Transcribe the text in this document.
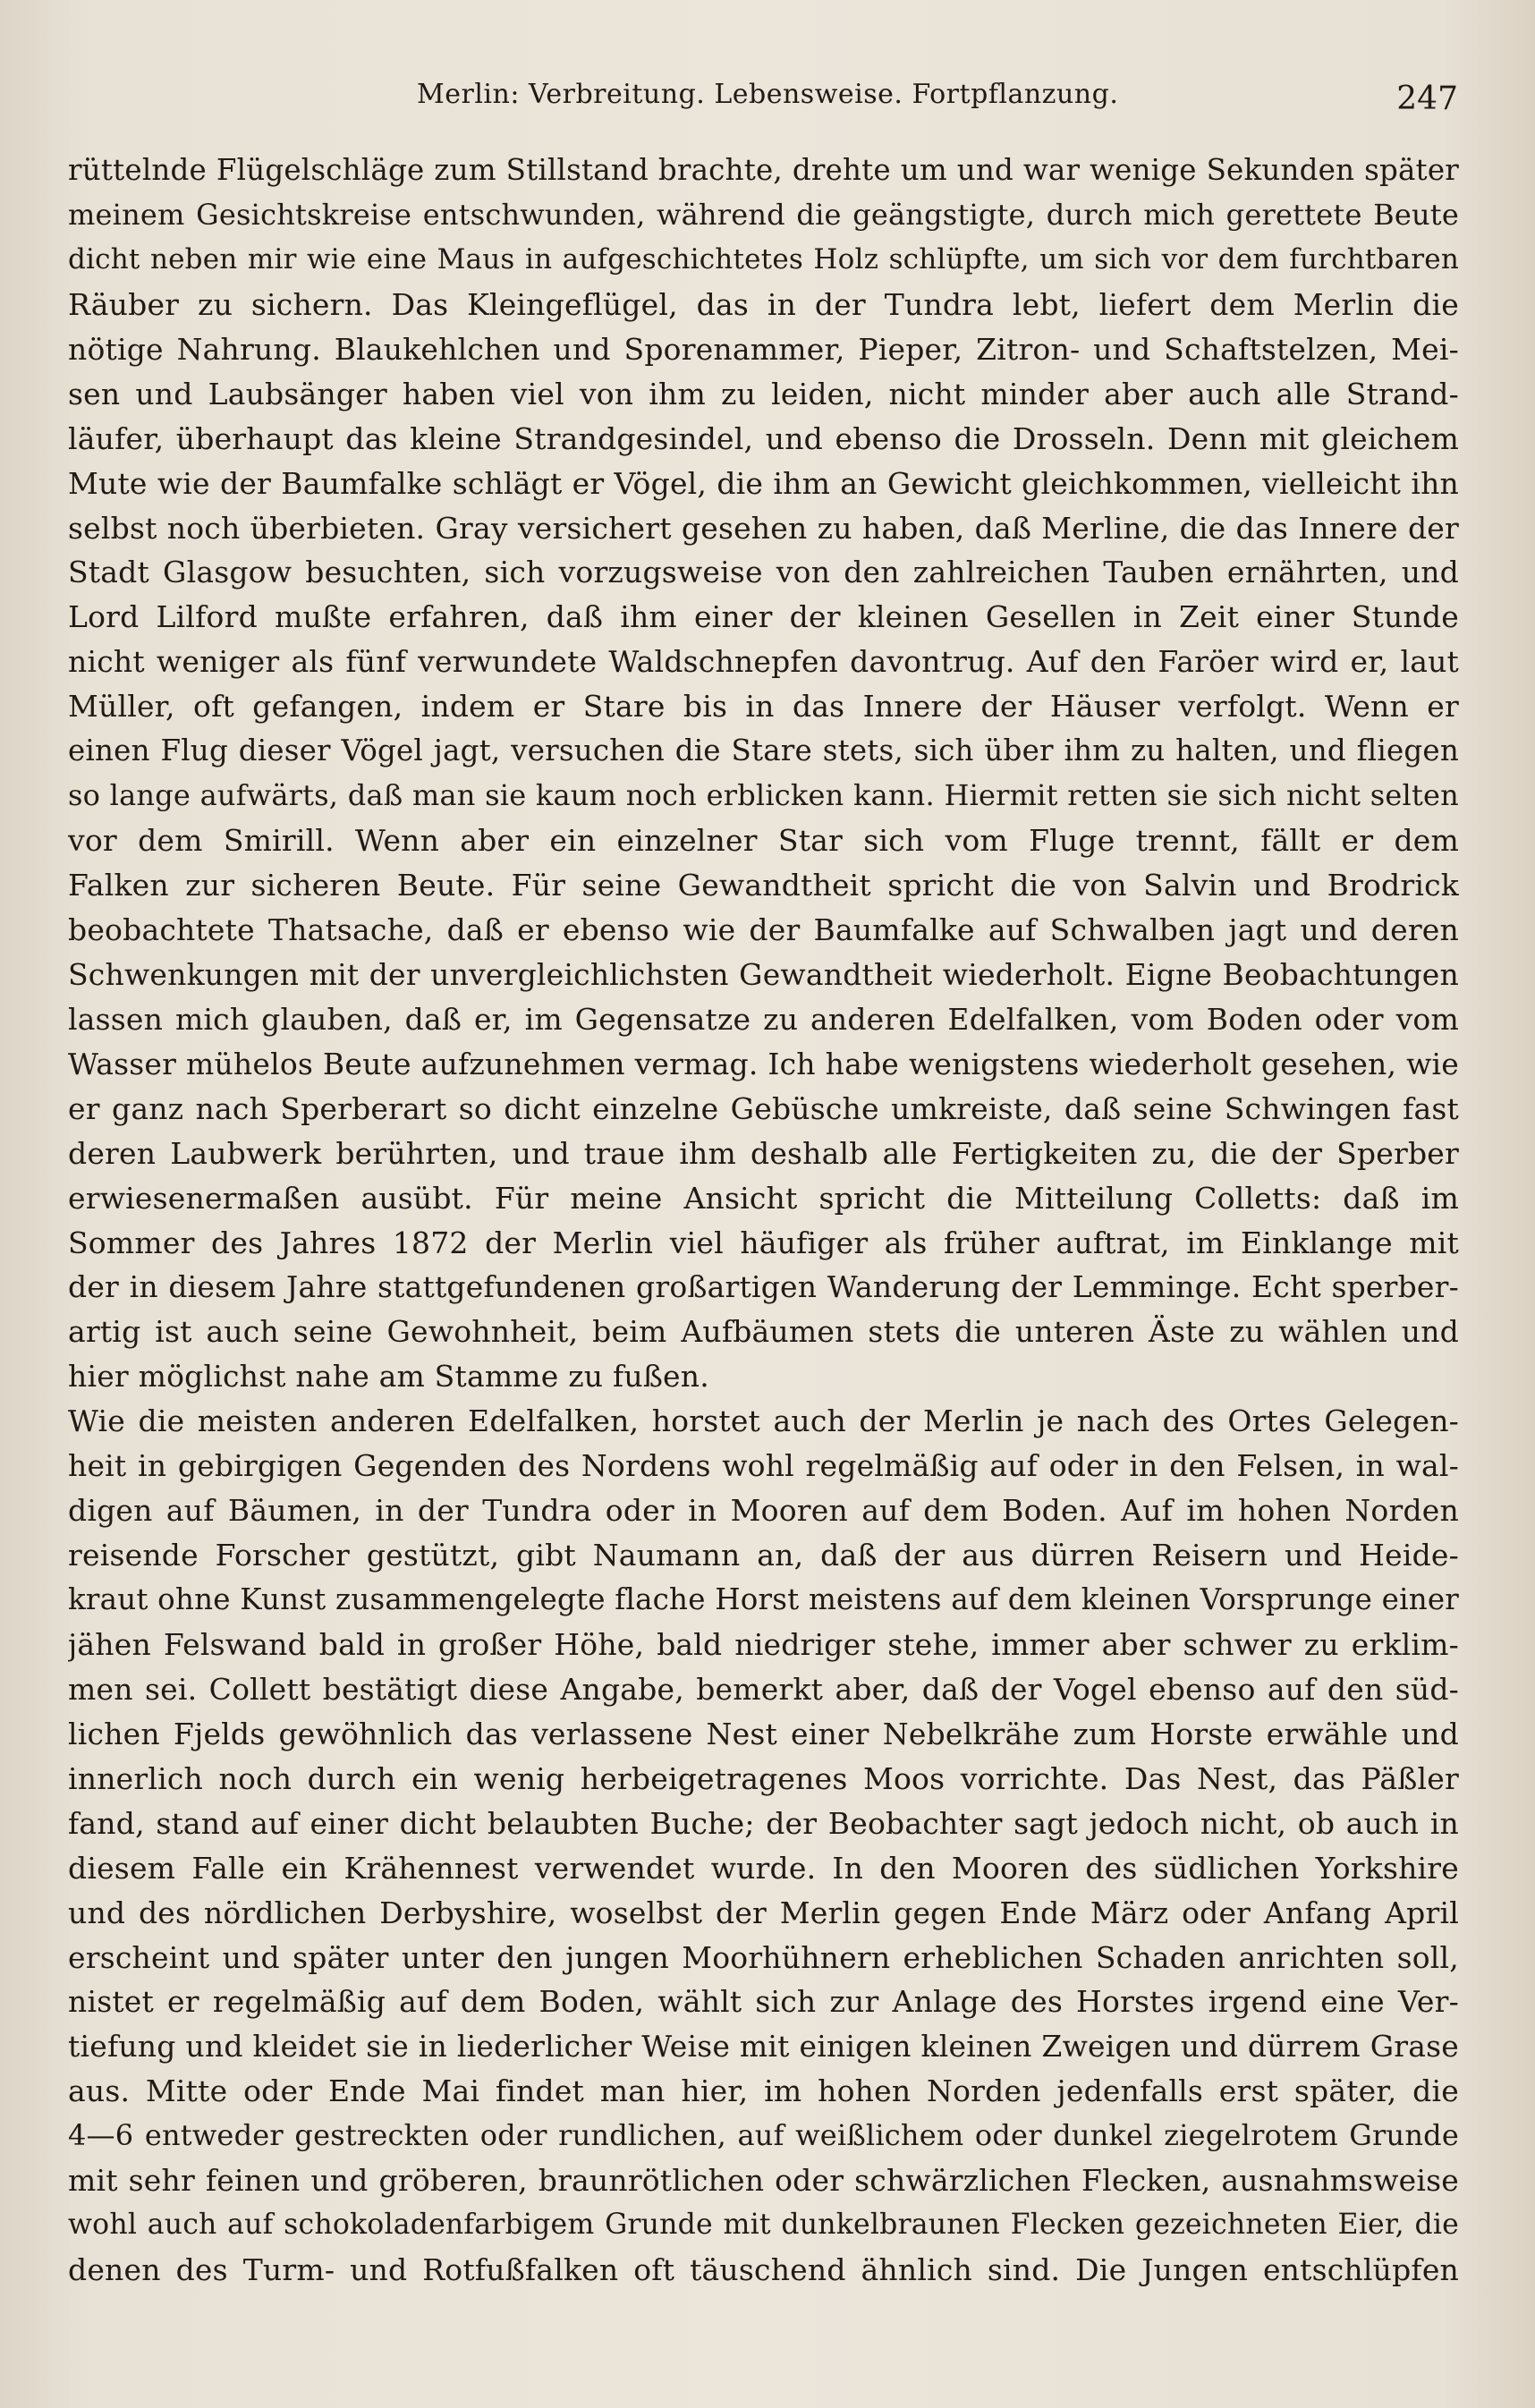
Merlin: Verbreitung. Lebensweise. Fortpflanzung.	247
rüttelnde Flügelschläge zum Stillstand brachte, drehte um und war wenige Sekunden später
meinem Gesichtskreise entschwunden, während die geängstigte, durch mich gerettete Beute
dicht neben mir wie eine Maus in aufgeschichtetes Holz schlüpfte, um sich vor dem furchtbaren
Räuber zu sichern. Das Kleingeflügel, das in der Tundra lebt, liefert dem Merlin die
nötige Nahrung. Blaukehlchen und Sporenammer, Pieper, Zitron- und Schaftstelzen, Mei-
sen und Laubsänger haben viel von ihm zu leiden, nicht minder aber auch alle Strand-
läufer, überhaupt das kleine Strandgesindel, und ebenso die Drosseln. Denn mit gleichem
Mute wie der Baumfalke schlägt er Vögel, die ihm an Gewicht gleichkommen, vielleicht ihn
selbst noch überbieten. Gray versichert gesehen zu haben, daß Merline, die das Innere der
Stadt Glasgow besuchten, sich vorzugsweise von den zahlreichen Tauben ernährten, und
Lord Lilford mußte erfahren, daß ihm einer der kleinen Gesellen in Zeit einer Stunde
nicht weniger als fünf verwundete Waldschnepfen davontrug. Auf den Faröer wird er, laut
Müller, oft gefangen, indem er Stare bis in das Innere der Häuser verfolgt. Wenn er
einen Flug dieser Vögel jagt, versuchen die Stare stets, sich über ihm zu halten, und fliegen
so lange aufwärts, daß man sie kaum noch erblicken kann. Hiermit retten sie sich nicht selten
vor dem Smirill. Wenn aber ein einzelner Star sich vom Fluge trennt, fällt er dem
Falken zur sicheren Beute. Für seine Gewandtheit spricht die von Salvin und Brodrick
beobachtete Thatsache, daß er ebenso wie der Baumfalke auf Schwalben jagt und deren
Schwenkungen mit der unvergleichlichsten Gewandtheit wiederholt. Eigne Beobachtungen
lassen mich glauben, daß er, im Gegensatze zu anderen Edelfalken, vom Boden oder vom
Wasser mühelos Beute aufzunehmen vermag. Ich habe wenigstens wiederholt gesehen, wie
er ganz nach Sperberart so dicht einzelne Gebüsche umkreiste, daß seine Schwingen fast
deren Laubwerk berührten, und traue ihm deshalb alle Fertigkeiten zu, die der Sperber
erwiesenermaßen ausübt. Für meine Ansicht spricht die Mitteilung Colletts: daß im
Sommer des Jahres 1872 der Merlin viel häufiger als früher auftrat, im Einklange mit
der in diesem Jahre stattgefundenen großartigen Wanderung der Lemminge. Echt sperber-
artig ist auch seine Gewohnheit, beim Aufbäumen stets die unteren Äste zu wählen und
hier möglichst nahe am Stamme zu fußen.
Wie die meisten anderen Edelfalken, horstet auch der Merlin je nach des Ortes Gelegen-
heit in gebirgigen Gegenden des Nordens wohl regelmäßig auf oder in den Felsen, in wal-
digen auf Bäumen, in der Tundra oder in Mooren auf dem Boden. Auf im hohen Norden
reisende Forscher gestützt, gibt Naumann an, daß der aus dürren Reisern und Heide-
kraut ohne Kunst zusammengelegte flache Horst meistens auf dem kleinen Vorsprunge einer
jähen Felswand bald in großer Höhe, bald niedriger stehe, immer aber schwer zu erklim-
men sei. Collett bestätigt diese Angabe, bemerkt aber, daß der Vogel ebenso auf den süd-
lichen Fjelds gewöhnlich das verlassene Nest einer Nebelkrähe zum Horste erwähle und
innerlich noch durch ein wenig herbeigetragenes Moos vorrichte. Das Nest, das Päßler
fand, stand auf einer dicht belaubten Buche; der Beobachter sagt jedoch nicht, ob auch in
diesem Falle ein Krähennest verwendet wurde. In den Mooren des südlichen Yorkshire
und des nördlichen Derbyshire, woselbst der Merlin gegen Ende März oder Anfang April
erscheint und später unter den jungen Moorhühnern erheblichen Schaden anrichten soll,
nistet er regelmäßig auf dem Boden, wählt sich zur Anlage des Horstes irgend eine Ver-
tiefung und kleidet sie in liederlicher Weise mit einigen kleinen Zweigen und dürrem Grase
aus. Mitte oder Ende Mai findet man hier, im hohen Norden jedenfalls erst später, die
4—6 entweder gestreckten oder rundlichen, auf weißlichem oder dunkel ziegelrotem Grunde
mit sehr feinen und gröberen, braunrötlichen oder schwärzlichen Flecken, ausnahmsweise
wohl auch auf schokoladenfarbigem Grunde mit dunkelbraunen Flecken gezeichneten Eier, die
denen des Turm- und Rotfußfalken oft täuschend ähnlich sind. Die Jungen entschlüpfen
